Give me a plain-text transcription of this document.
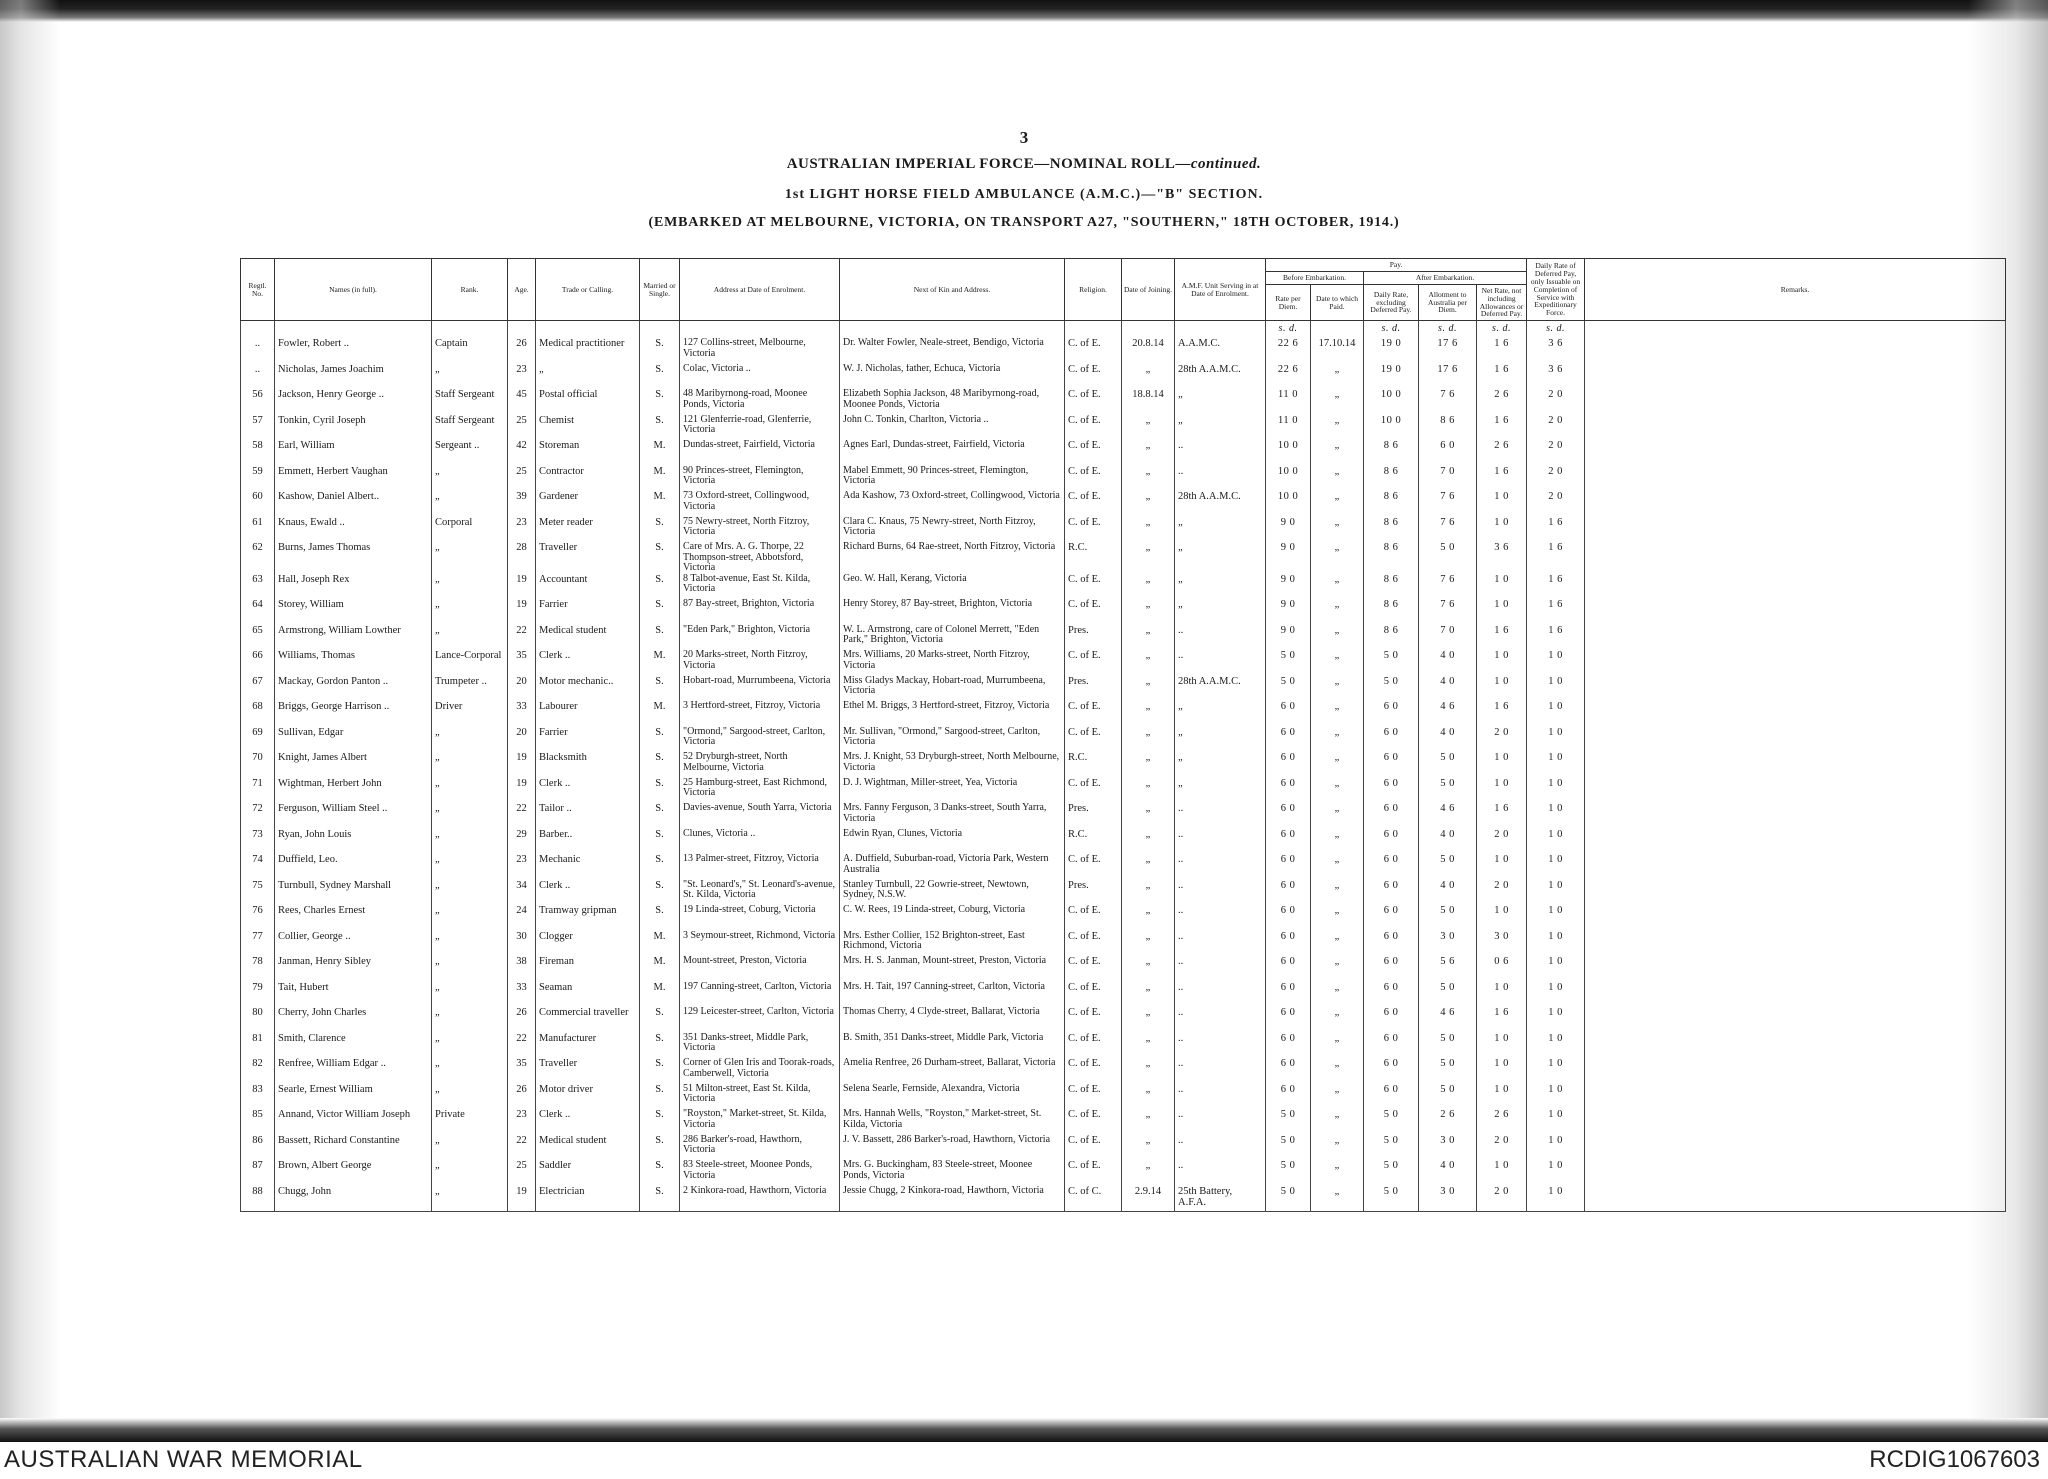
3
AUSTRALIAN IMPERIAL FORCE—NOMINAL ROLL—continued.
1st LIGHT HORSE FIELD AMBULANCE (A.M.C.)—"B" SECTION.
(EMBARKED AT MELBOURNE, VICTORIA, ON TRANSPORT A27, "SOUTHERN," 18TH OCTOBER, 1914.)
Regtl. No.	Names (in full).	Rank.	Age.	Trade or Calling.	Married or Single.	Address at Date of Enrolment.	Next of Kin and Address.	Religion.	Date of Joining.	A.M.F. Unit Serving in at Date of Enrolment.	Pay.					Daily Rate of Deferred Pay, only Issuable on Completion of Service with Expeditionary Force.	Remarks.
											Before Embarkation.		After Embarkation.				
											Rate per Diem.	Date to which Paid.	Daily Rate, excluding Deferred Pay.	Allotment to Australia per Diem.	Net Rate, not including Allowances or Deferred Pay.		
											s. d.		s. d.	s. d.	s. d.	s. d.	
..	Fowler, Robert ..	Captain	26	Medical practitioner	S.	127 Collins-street, Melbourne, Victoria	Dr. Walter Fowler, Neale-street, Bendigo, Victoria	C. of E.	20.8.14	A.A.M.C.	22 6	17.10.14	19 0	17 6	1 6	3 6	
..	Nicholas, James Joachim	„	23	„	S.	Colac, Victoria ..	W. J. Nicholas, father, Echuca, Victoria	C. of E.	„	28th A.A.M.C.	22 6	„	19 0	17 6	1 6	3 6	
56	Jackson, Henry George ..	Staff Sergeant	45	Postal official	S.	48 Maribyrnong-road, Moonee Ponds, Victoria	Elizabeth Sophia Jackson, 48 Maribyrnong-road, Moonee Ponds, Victoria	C. of E.	18.8.14	„	11 0	„	10 0	7 6	2 6	2 0	
57	Tonkin, Cyril Joseph	Staff Sergeant	25	Chemist	S.	121 Glenferrie-road, Glenferrie, Victoria	John C. Tonkin, Charlton, Victoria ..	C. of E.	„	„	11 0	„	10 0	8 6	1 6	2 0	
58	Earl, William	Sergeant ..	42	Storeman	M.	Dundas-street, Fairfield, Victoria	Agnes Earl, Dundas-street, Fairfield, Victoria	C. of E.	„	..	10 0	„	8 6	6 0	2 6	2 0	
59	Emmett, Herbert Vaughan	„	25	Contractor	M.	90 Princes-street, Flemington, Victoria	Mabel Emmett, 90 Princes-street, Flemington, Victoria	C. of E.	„	..	10 0	„	8 6	7 0	1 6	2 0	
60	Kashow, Daniel Albert..	„	39	Gardener	M.	73 Oxford-street, Collingwood, Victoria	Ada Kashow, 73 Oxford-street, Collingwood, Victoria	C. of E.	„	28th A.A.M.C.	10 0	„	8 6	7 6	1 0	2 0	
61	Knaus, Ewald ..	Corporal	23	Meter reader	S.	75 Newry-street, North Fitzroy, Victoria	Clara C. Knaus, 75 Newry-street, North Fitzroy, Victoria	C. of E.	„	„	9 0	„	8 6	7 6	1 0	1 6	
62	Burns, James Thomas	„	28	Traveller	S.	Care of Mrs. A. G. Thorpe, 22 Thompson-street, Abbotsford, Victoria	Richard Burns, 64 Rae-street, North Fitzroy, Victoria	R.C.	„	„	9 0	„	8 6	5 0	3 6	1 6	
63	Hall, Joseph Rex	„	19	Accountant	S.	8 Talbot-avenue, East St. Kilda, Victoria	Geo. W. Hall, Kerang, Victoria	C. of E.	„	„	9 0	„	8 6	7 6	1 0	1 6	
64	Storey, William	„	19	Farrier	S.	87 Bay-street, Brighton, Victoria	Henry Storey, 87 Bay-street, Brighton, Victoria	C. of E.	„	„	9 0	„	8 6	7 6	1 0	1 6	
65	Armstrong, William Lowther	„	22	Medical student	S.	"Eden Park," Brighton, Victoria	W. L. Armstrong, care of Colonel Merrett, "Eden Park," Brighton, Victoria	Pres.	„	..	9 0	„	8 6	7 0	1 6	1 6	
66	Williams, Thomas	Lance-Corporal	35	Clerk ..	M.	20 Marks-street, North Fitzroy, Victoria	Mrs. Williams, 20 Marks-street, North Fitzroy, Victoria	C. of E.	„	..	5 0	„	5 0	4 0	1 0	1 0	
67	Mackay, Gordon Panton ..	Trumpeter ..	20	Motor mechanic..	S.	Hobart-road, Murrumbeena, Victoria	Miss Gladys Mackay, Hobart-road, Murrumbeena, Victoria	Pres.	„	28th A.A.M.C.	5 0	„	5 0	4 0	1 0	1 0	
68	Briggs, George Harrison ..	Driver	33	Labourer	M.	3 Hertford-street, Fitzroy, Victoria	Ethel M. Briggs, 3 Hertford-street, Fitzroy, Victoria	C. of E.	„	„	6 0	„	6 0	4 6	1 6	1 0	
69	Sullivan, Edgar	„	20	Farrier	S.	"Ormond," Sargood-street, Carlton, Victoria	Mr. Sullivan, "Ormond," Sargood-street, Carlton, Victoria	C. of E.	„	„	6 0	„	6 0	4 0	2 0	1 0	
70	Knight, James Albert	„	19	Blacksmith	S.	52 Dryburgh-street, North Melbourne, Victoria	Mrs. J. Knight, 53 Dryburgh-street, North Melbourne, Victoria	R.C.	„	„	6 0	„	6 0	5 0	1 0	1 0	
71	Wightman, Herbert John	„	19	Clerk ..	S.	25 Hamburg-street, East Richmond, Victoria	D. J. Wightman, Miller-street, Yea, Victoria	C. of E.	„	„	6 0	„	6 0	5 0	1 0	1 0	
72	Ferguson, William Steel ..	„	22	Tailor ..	S.	Davies-avenue, South Yarra, Victoria	Mrs. Fanny Ferguson, 3 Danks-street, South Yarra, Victoria	Pres.	„	..	6 0	„	6 0	4 6	1 6	1 0	
73	Ryan, John Louis	„	29	Barber..	S.	Clunes, Victoria ..	Edwin Ryan, Clunes, Victoria	R.C.	„	..	6 0	„	6 0	4 0	2 0	1 0	
74	Duffield, Leo.	„	23	Mechanic	S.	13 Palmer-street, Fitzroy, Victoria	A. Duffield, Suburban-road, Victoria Park, Western Australia	C. of E.	„	..	6 0	„	6 0	5 0	1 0	1 0	
75	Turnbull, Sydney Marshall	„	34	Clerk ..	S.	"St. Leonard's," St. Leonard's-avenue, St. Kilda, Victoria	Stanley Turnbull, 22 Gowrie-street, Newtown, Sydney, N.S.W.	Pres.	„	..	6 0	„	6 0	4 0	2 0	1 0	
76	Rees, Charles Ernest	„	24	Tramway gripman	S.	19 Linda-street, Coburg, Victoria	C. W. Rees, 19 Linda-street, Coburg, Victoria	C. of E.	„	..	6 0	„	6 0	5 0	1 0	1 0	
77	Collier, George ..	„	30	Clogger	M.	3 Seymour-street, Richmond, Victoria	Mrs. Esther Collier, 152 Brighton-street, East Richmond, Victoria	C. of E.	„	..	6 0	„	6 0	3 0	3 0	1 0	
78	Janman, Henry Sibley	„	38	Fireman	M.	Mount-street, Preston, Victoria	Mrs. H. S. Janman, Mount-street, Preston, Victoria	C. of E.	„	..	6 0	„	6 0	5 6	0 6	1 0	
79	Tait, Hubert	„	33	Seaman	M.	197 Canning-street, Carlton, Victoria	Mrs. H. Tait, 197 Canning-street, Carlton, Victoria	C. of E.	„	..	6 0	„	6 0	5 0	1 0	1 0	
80	Cherry, John Charles	„	26	Commercial traveller	S.	129 Leicester-street, Carlton, Victoria	Thomas Cherry, 4 Clyde-street, Ballarat, Victoria	C. of E.	„	..	6 0	„	6 0	4 6	1 6	1 0	
81	Smith, Clarence	„	22	Manufacturer	S.	351 Danks-street, Middle Park, Victoria	B. Smith, 351 Danks-street, Middle Park, Victoria	C. of E.	„	..	6 0	„	6 0	5 0	1 0	1 0	
82	Renfree, William Edgar ..	„	35	Traveller	S.	Corner of Glen Iris and Toorak-roads, Camberwell, Victoria	Amelia Renfree, 26 Durham-street, Ballarat, Victoria	C. of E.	„	..	6 0	„	6 0	5 0	1 0	1 0	
83	Searle, Ernest William	„	26	Motor driver	S.	51 Milton-street, East St. Kilda, Victoria	Selena Searle, Fernside, Alexandra, Victoria	C. of E.	„	..	6 0	„	6 0	5 0	1 0	1 0	
85	Annand, Victor William Joseph	Private	23	Clerk ..	S.	"Royston," Market-street, St. Kilda, Victoria	Mrs. Hannah Wells, "Royston," Market-street, St. Kilda, Victoria	C. of E.	„	..	5 0	„	5 0	2 6	2 6	1 0	
86	Bassett, Richard Constantine	„	22	Medical student	S.	286 Barker's-road, Hawthorn, Victoria	J. V. Bassett, 286 Barker's-road, Hawthorn, Victoria	C. of E.	„	..	5 0	„	5 0	3 0	2 0	1 0	
87	Brown, Albert George	„	25	Saddler	S.	83 Steele-street, Moonee Ponds, Victoria	Mrs. G. Buckingham, 83 Steele-street, Moonee Ponds, Victoria	C. of E.	„	..	5 0	„	5 0	4 0	1 0	1 0	
88	Chugg, John	„	19	Electrician	S.	2 Kinkora-road, Hawthorn, Victoria	Jessie Chugg, 2 Kinkora-road, Hawthorn, Victoria	C. of C.	2.9.14	25th Battery, A.F.A.	5 0	„	5 0	3 0	2 0	1 0	
AUSTRALIAN WAR MEMORIAL	RCDIG1067603
